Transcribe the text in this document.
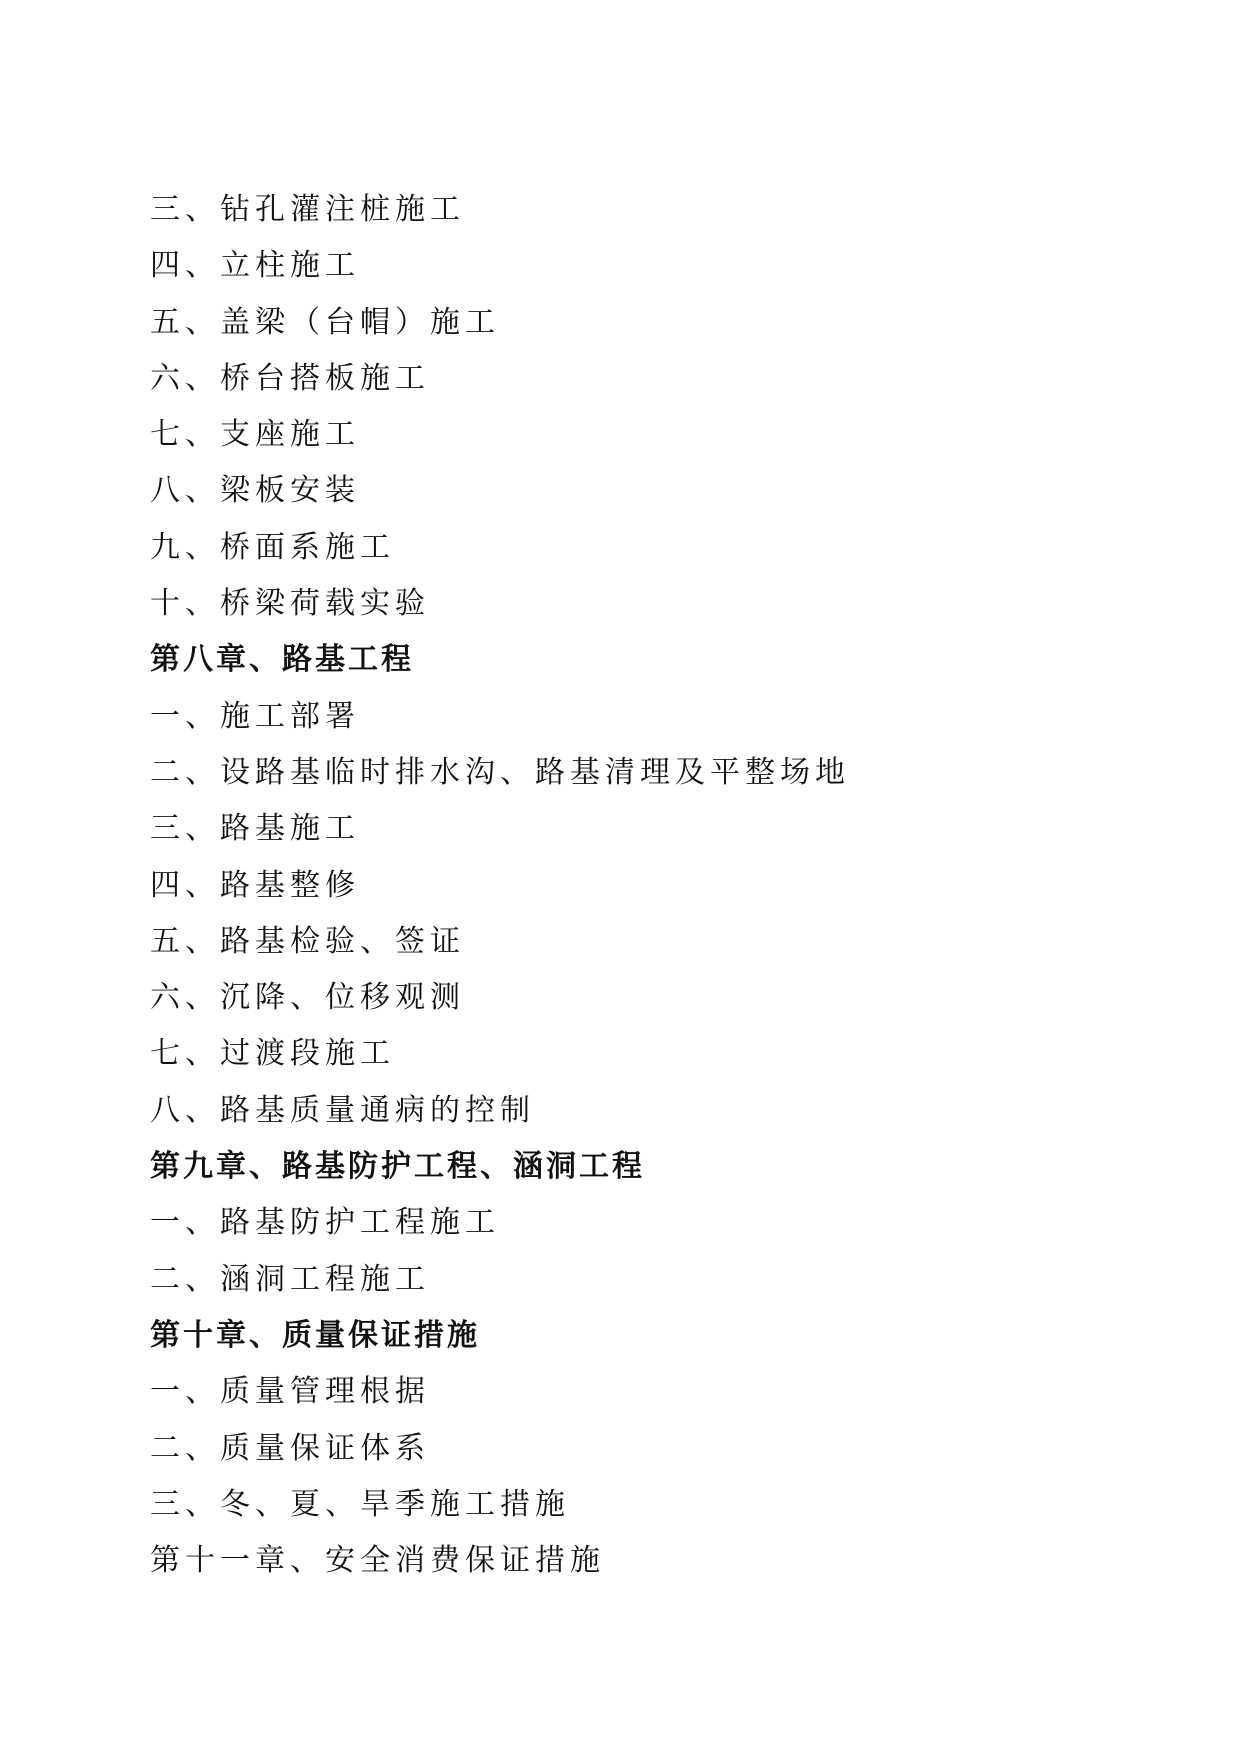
三、钻孔灌注桩施工
四、立柱施工
五、盖梁（台帽）施工
六、桥台搭板施工
七、支座施工
八、梁板安装
九、桥面系施工
十、桥梁荷载实验
第八章、路基工程
一、施工部署
二、设路基临时排水沟、路基清理及平整场地
三、路基施工
四、路基整修
五、路基检验、签证
六、沉降、位移观测
七、过渡段施工
八、路基质量通病的控制
第九章、路基防护工程、涵洞工程
一、路基防护工程施工
二、涵洞工程施工
第十章、质量保证措施
一、质量管理根据
二、质量保证体系
三、冬、夏、旱季施工措施
第十一章、安全消费保证措施
